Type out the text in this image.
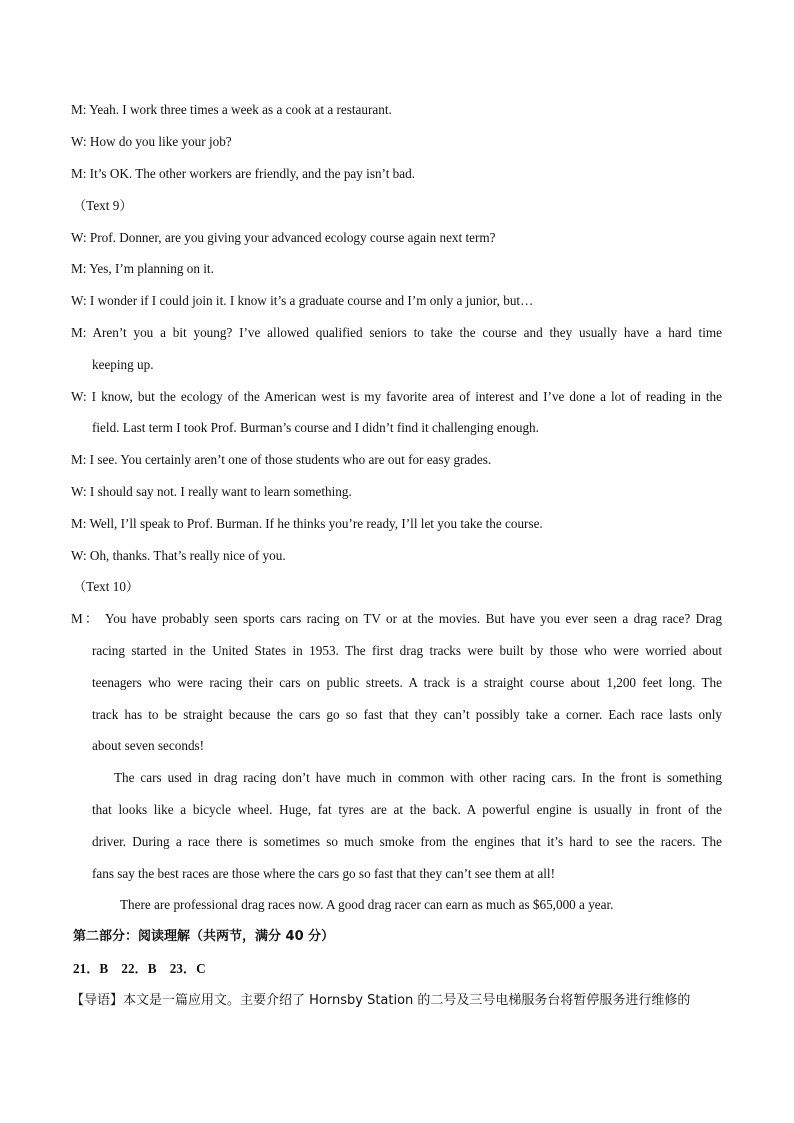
M: Yeah. I work three times a week as a cook at a restaurant.
W: How do you like your job?
M: It’s OK. The other workers are friendly, and the pay isn’t bad.
（Text 9）
W: Prof. Donner, are you giving your advanced ecology course again next term?
M: Yes, I’m planning on it.
W: I wonder if I could join it. I know it’s a graduate course and I’m only a junior, but…
M: Aren’t you a bit young? I’ve allowed qualified seniors to take the course and they usually have a hard time
keeping up.
W: I know, but the ecology of the American west is my favorite area of interest and I’ve done a lot of reading in the
field. Last term I took Prof. Burman’s course and I didn’t find it challenging enough.
M: I see. You certainly aren’t one of those students who are out for easy grades.
W: I should say not. I really want to learn something.
M: Well, I’ll speak to Prof. Burman. If he thinks you’re ready, I’ll let you take the course.
W: Oh, thanks. That’s really nice of you.
（Text 10）
M： You have probably seen sports cars racing on TV or at the movies. But have you ever seen a drag race? Drag
racing started in the United States in 1953. The first drag tracks were built by those who were worried about
teenagers who were racing their cars on public streets. A track is a straight course about 1,200 feet long. The
track has to be straight because the cars go so fast that they can’t possibly take a corner. Each race lasts only
about seven seconds!
The cars used in drag racing don’t have much in common with other racing cars. In the front is something
that looks like a bicycle wheel. Huge, fat tyres are at the back. A powerful engine is usually in front of the
driver. During a race there is sometimes so much smoke from the engines that it’s hard to see the racers. The
fans say the best races are those where the cars go so fast that they can’t see them at all!
There are professional drag races now. A good drag racer can earn as much as $65,000 a year.
第二部分：阅读理解（共两节，满分 40 分）
21．B　22．B　23．C
【导语】本文是一篇应用文。主要介绍了 Hornsby Station 的二号及三号电梯服务台将暂停服务进行维修的
